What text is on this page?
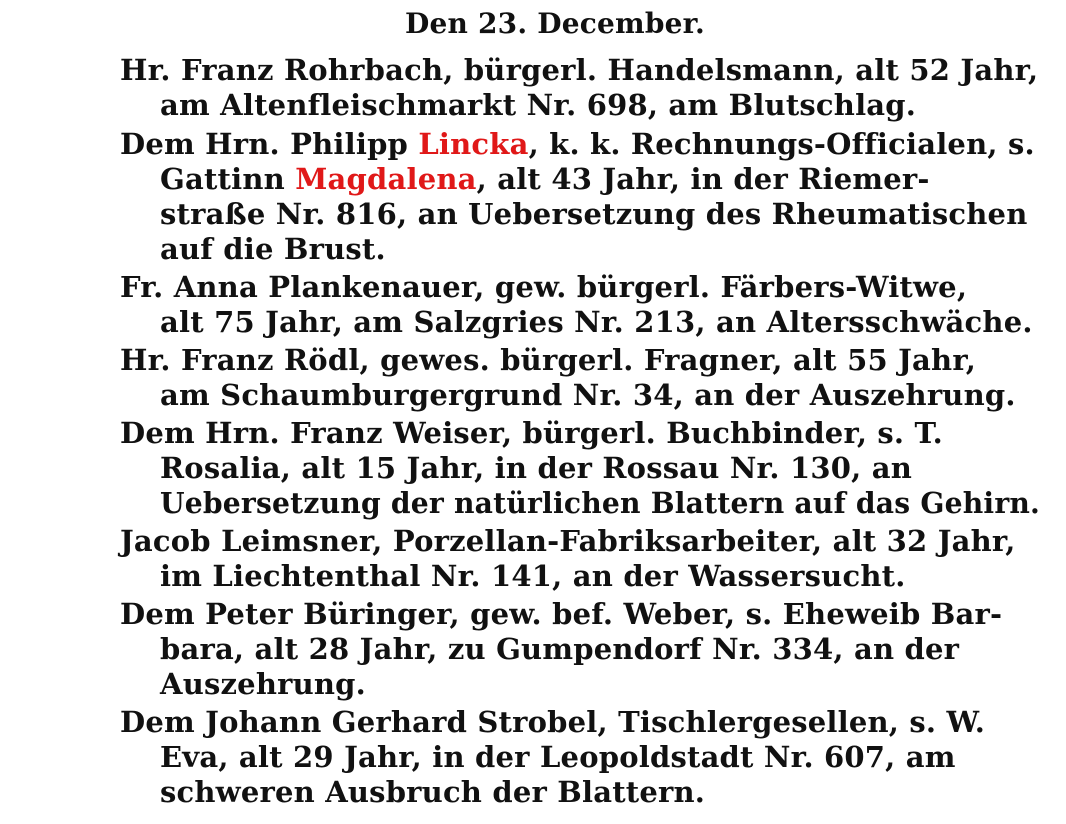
Den 23. December.
Hr. Franz Rohrbach, bürgerl. Handelsmann, alt 52 Jahr,
am Altenfleischmarkt Nr. 698, am Blutschlag.
Dem Hrn. Philipp Lincka, k. k. Rechnungs-Officialen, s.
Gattinn Magdalena, alt 43 Jahr, in der Riemer-
straße Nr. 816, an Uebersetzung des Rheumatischen
auf die Brust.
Fr. Anna Plankenauer, gew. bürgerl. Färbers-Witwe,
alt 75 Jahr, am Salzgries Nr. 213, an Altersschwäche.
Hr. Franz Rödl, gewes. bürgerl. Fragner, alt 55 Jahr,
am Schaumburgergrund Nr. 34, an der Auszehrung.
Dem Hrn. Franz Weiser, bürgerl. Buchbinder, s. T.
Rosalia, alt 15 Jahr, in der Rossau Nr. 130, an
Uebersetzung der natürlichen Blattern auf das Gehirn.
Jacob Leimsner, Porzellan-Fabriksarbeiter, alt 32 Jahr,
im Liechtenthal Nr. 141, an der Wassersucht.
Dem Peter Büringer, gew. bef. Weber, s. Eheweib Bar-
bara, alt 28 Jahr, zu Gumpendorf Nr. 334, an der
Auszehrung.
Dem Johann Gerhard Strobel, Tischlergesellen, s. W.
Eva, alt 29 Jahr, in der Leopoldstadt Nr. 607, am
schweren Ausbruch der Blattern.
